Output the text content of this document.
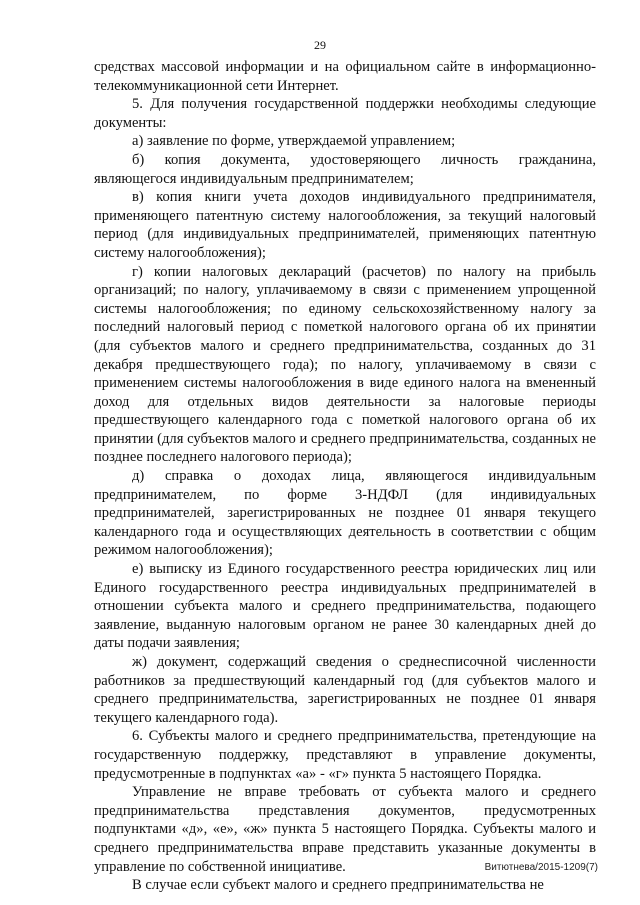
29

средствах массовой информации и на официальном сайте в информационно-телекоммуникационной сети Интернет.

5. Для получения государственной поддержки необходимы следующие документы:

а) заявление по форме, утверждаемой управлением;

б) копия документа, удостоверяющего личность гражданина, являющегося индивидуальным предпринимателем;

в) копия книги учета доходов индивидуального предпринимателя, применяющего патентную систему налогообложения, за текущий налоговый период (для индивидуальных предпринимателей, применяющих патентную систему налогообложения);

г) копии налоговых деклараций (расчетов) по налогу на прибыль организаций; по налогу, уплачиваемому в связи с применением упрощенной системы налогообложения; по единому сельскохозяйственному налогу за последний налоговый период с пометкой налогового органа об их принятии (для субъектов малого и среднего предпринимательства, созданных до 31 декабря предшествующего года); по налогу, уплачиваемому в связи с применением системы налогообложения в виде единого налога на вмененный доход для отдельных видов деятельности за налоговые периоды предшествующего календарного года с пометкой налогового органа об их принятии (для субъектов малого и среднего предпринимательства, созданных не позднее последнего налогового периода);

д) справка о доходах лица, являющегося индивидуальным предпринимателем, по форме 3-НДФЛ (для индивидуальных предпринимателей, зарегистрированных не позднее 01 января текущего календарного года и осуществляющих деятельность в соответствии с общим режимом налогообложения);

е) выписку из Единого государственного реестра юридических лиц или Единого государственного реестра индивидуальных предпринимателей в отношении субъекта малого и среднего предпринимательства, подающего заявление, выданную налоговым органом не ранее 30 календарных дней до даты подачи заявления;

ж) документ, содержащий сведения о среднесписочной численности работников за предшествующий календарный год (для субъектов малого и среднего предпринимательства, зарегистрированных не позднее 01 января текущего календарного года).

6. Субъекты малого и среднего предпринимательства, претендующие на государственную поддержку, представляют в управление документы, предусмотренные в подпунктах «а» - «г» пункта 5 настоящего Порядка.

Управление не вправе требовать от субъекта малого и среднего предпринимательства представления документов, предусмотренных подпунктами «д», «е», «ж» пункта 5 настоящего Порядка. Субъекты малого и среднего предпринимательства вправе представить указанные документы в управление по собственной инициативе.

В случае если субъект малого и среднего предпринимательства не

Витютнева/2015-1209(7)
